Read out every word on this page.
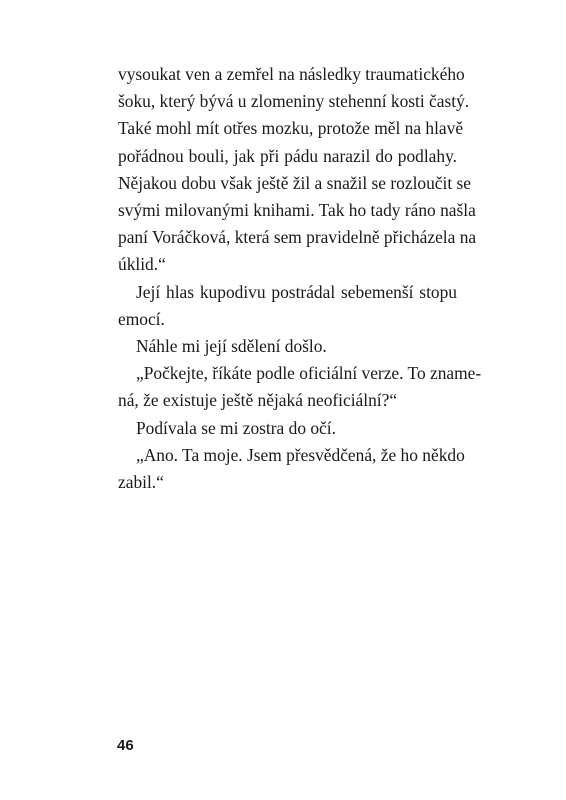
vysoukat ven a zemřel na následky traumatického
šoku, který bývá u zlomeniny stehenní kosti častý.
Také mohl mít otřes mozku, protože měl na hlavě
pořádnou bouli, jak při pádu narazil do podlahy.
Nějakou dobu však ještě žil a snažil se rozloučit se
svými milovanými knihami. Tak ho tady ráno našla
paní Voráčková, která sem pravidelně přicházela na
úklid.“
Její hlas kupodivu postrádal sebemenší stopu
emocí.
Náhle mi její sdělení došlo.
„Počkejte, říkáte podle oficiální verze. To zname-
ná, že existuje ještě nějaká neoficiální?“
Podívala se mi zostra do očí.
„Ano. Ta moje. Jsem přesvědčená, že ho někdo
zabil.“
46
